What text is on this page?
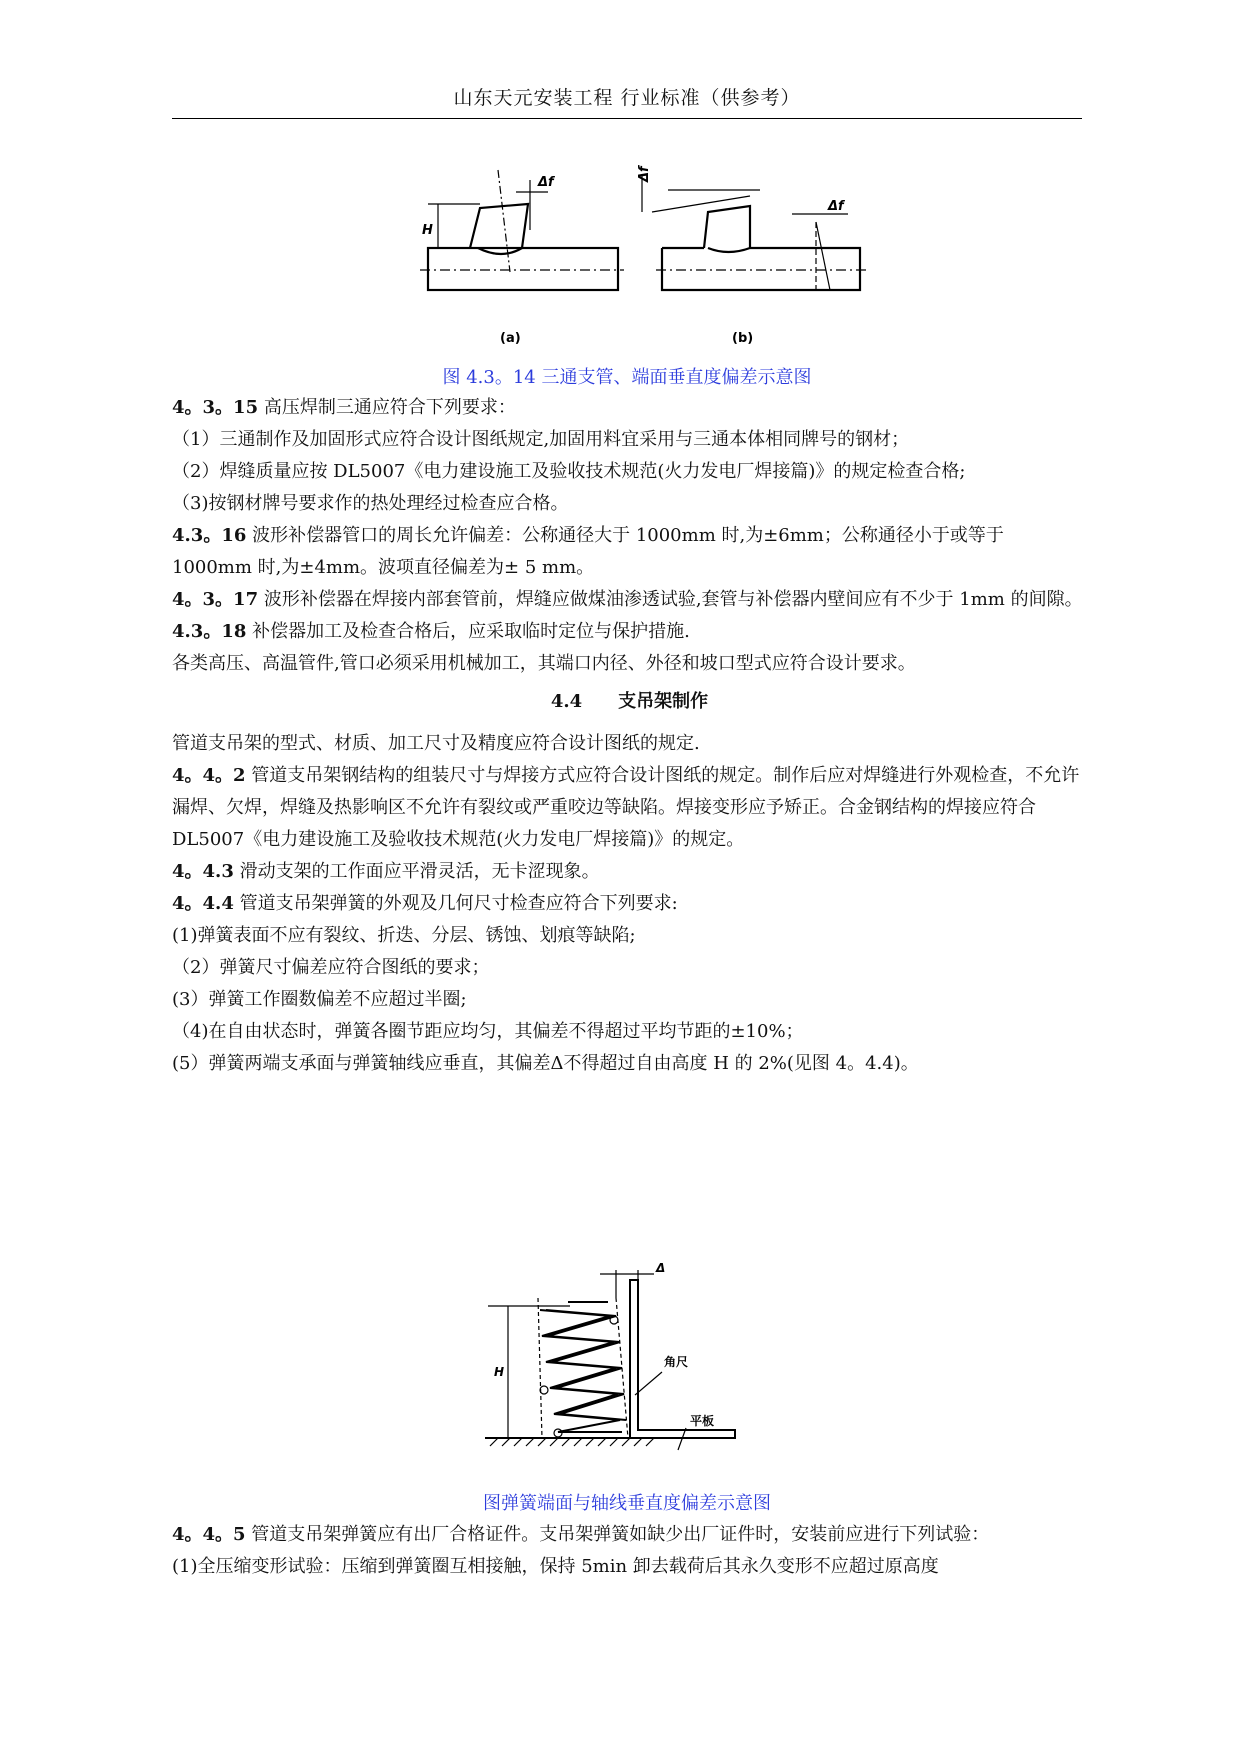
山东天元安装工程 行业标准（供参考）
H
Δf
Δf
Δf
(a)	(b)
图 4.3。14 三通支管、端面垂直度偏差示意图

4。3。15 高压焊制三通应符合下列要求：

（1）三通制作及加固形式应符合设计图纸规定,加固用料宜采用与三通本体相同牌号的钢材；

（2）焊缝质量应按 DL5007《电力建设施工及验收技术规范(火力发电厂焊接篇)》的规定检查合格;

（3)按钢材牌号要求作的热处理经过检查应合格。

4.3。16 波形补偿器管口的周长允许偏差：公称通径大于 1000mm 时,为±6mm；公称通径小于或等于 1000mm 时,为±4mm。波项直径偏差为± 5 mm。

4。3。17 波形补偿器在焊接内部套管前，焊缝应做煤油渗透试验,套管与补偿器内壁间应有不少于 1mm 的间隙。

4.3。18 补偿器加工及检查合格后，应采取临时定位与保护措施.

各类高压、高温管件,管口必须采用机械加工，其端口内径、外径和坡口型式应符合设计要求。

4.4 支吊架制作

管道支吊架的型式、材质、加工尺寸及精度应符合设计图纸的规定.

4。4。2 管道支吊架钢结构的组装尺寸与焊接方式应符合设计图纸的规定。制作后应对焊缝进行外观检查，不允许漏焊、欠焊，焊缝及热影响区不允许有裂纹或严重咬边等缺陷。焊接变形应予矫正。合金钢结构的焊接应符合 DL5007《电力建设施工及验收技术规范(火力发电厂焊接篇)》的规定。

4。4.3 滑动支架的工作面应平滑灵活，无卡涩现象。

4。4.4 管道支吊架弹簧的外观及几何尺寸检查应符合下列要求:

(1)弹簧表面不应有裂纹、折迭、分层、锈蚀、划痕等缺陷;

（2）弹簧尺寸偏差应符合图纸的要求；

(3）弹簧工作圈数偏差不应超过半圈;

（4)在自由状态时，弹簧各圈节距应均匀，其偏差不得超过平均节距的±10%；

(5）弹簧两端支承面与弹簧轴线应垂直，其偏差Δ不得超过自由高度 H 的 2%(见图 4。4.4)。

Δ
H
角尺
平板
图弹簧端面与轴线垂直度偏差示意图

4。4。5 管道支吊架弹簧应有出厂合格证件。支吊架弹簧如缺少出厂证件时，安装前应进行下列试验：

(1)全压缩变形试验：压缩到弹簧圈互相接触，保持 5min 卸去载荷后其永久变形不应超过原高度
